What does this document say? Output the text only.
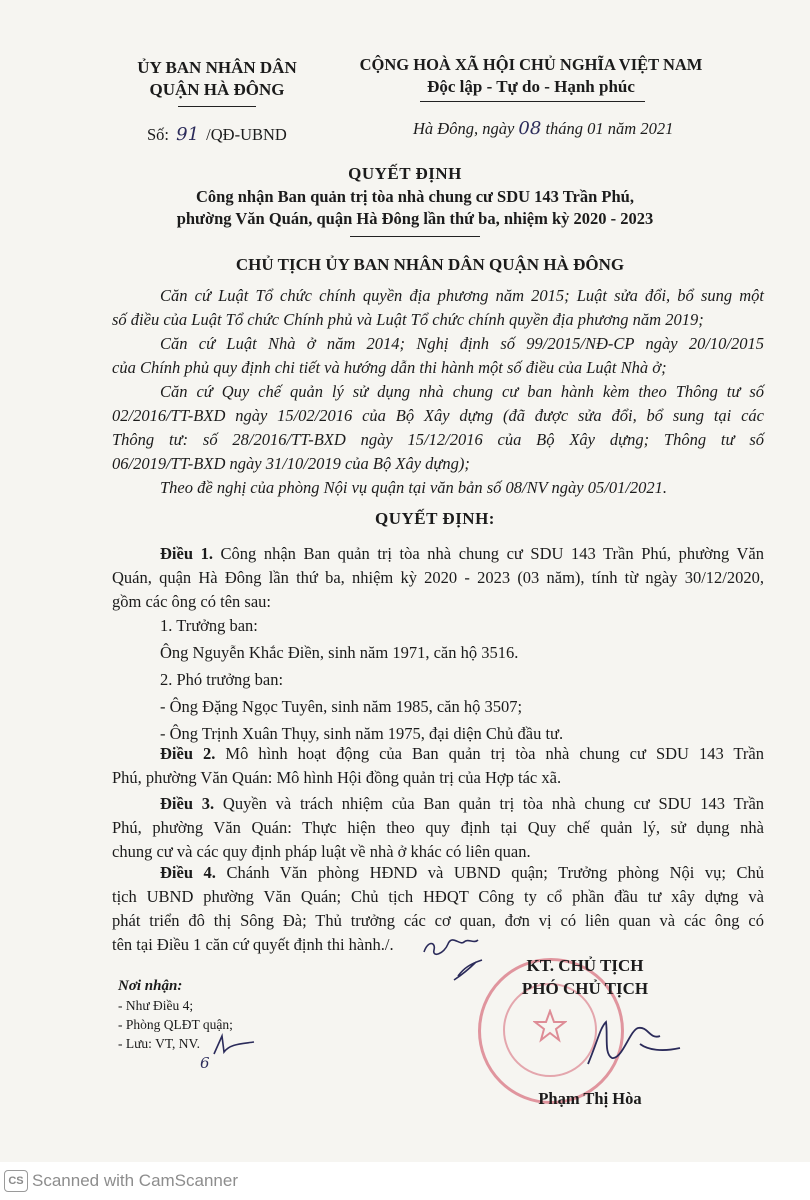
ỦY BAN NHÂN DÂN
QUẬN HÀ ĐÔNG
CỘNG HOÀ XÃ HỘI CHỦ NGHĨA VIỆT NAM
Độc lập - Tự do - Hạnh phúc
Số: 91 /QĐ-UBND	Hà Đông, ngày 08 tháng 01 năm 2021
QUYẾT ĐỊNH
Công nhận Ban quản trị tòa nhà chung cư SDU 143 Trần Phú,
phường Văn Quán, quận Hà Đông lần thứ ba, nhiệm kỳ 2020 - 2023
CHỦ TỊCH ỦY BAN NHÂN DÂN QUẬN HÀ ĐÔNG
Căn cứ Luật Tổ chức chính quyền địa phương năm 2015; Luật sửa đổi, bổ sung một
số điều của Luật Tổ chức Chính phủ và Luật Tổ chức chính quyền địa phương năm 2019;
Căn cứ Luật Nhà ở năm 2014; Nghị định số 99/2015/NĐ-CP ngày 20/10/2015
của Chính phủ quy định chi tiết và hướng dẫn thi hành một số điều của Luật Nhà ở;
Căn cứ Quy chế quản lý sử dụng nhà chung cư ban hành kèm theo Thông tư số
02/2016/TT-BXD ngày 15/02/2016 của Bộ Xây dựng (đã được sửa đổi, bổ sung tại các
Thông tư: số 28/2016/TT-BXD ngày 15/12/2016 của Bộ Xây dựng; Thông tư số
06/2019/TT-BXD ngày 31/10/2019 của Bộ Xây dựng);
Theo đề nghị của phòng Nội vụ quận tại văn bản số 08/NV ngày 05/01/2021.
QUYẾT ĐỊNH:
Điều 1. Công nhận Ban quản trị tòa nhà chung cư SDU 143 Trần Phú, phường Văn
Quán, quận Hà Đông lần thứ ba, nhiệm kỳ 2020 - 2023 (03 năm), tính từ ngày 30/12/2020,
gồm các ông có tên sau:
1. Trưởng ban:
Ông Nguyễn Khắc Điền, sinh năm 1971, căn hộ 3516.
2. Phó trưởng ban:
- Ông Đặng Ngọc Tuyên, sinh năm 1985, căn hộ 3507;
- Ông Trịnh Xuân Thụy, sinh năm 1975, đại diện Chủ đầu tư.
Điều 2. Mô hình hoạt động của Ban quản trị tòa nhà chung cư SDU 143 Trần
Phú, phường Văn Quán: Mô hình Hội đồng quản trị của Hợp tác xã.
Điều 3. Quyền và trách nhiệm của Ban quản trị tòa nhà chung cư SDU 143 Trần
Phú, phường Văn Quán: Thực hiện theo quy định tại Quy chế quản lý, sử dụng nhà
chung cư và các quy định pháp luật về nhà ở khác có liên quan.
Điều 4. Chánh Văn phòng HĐND và UBND quận; Trưởng phòng Nội vụ; Chủ
tịch UBND phường Văn Quán; Chủ tịch HĐQT Công ty cổ phần đầu tư xây dựng và
phát triển đô thị Sông Đà; Thủ trưởng các cơ quan, đơn vị có liên quan và các ông có
tên tại Điều 1 căn cứ quyết định thi hành./.
Nơi nhận:
- Như Điều 4;
- Phòng QLĐT quận;
- Lưu: VT, NV.
6
KT. CHỦ TỊCH
PHÓ CHỦ TỊCH
Phạm Thị Hòa
CS Scanned with CamScanner
